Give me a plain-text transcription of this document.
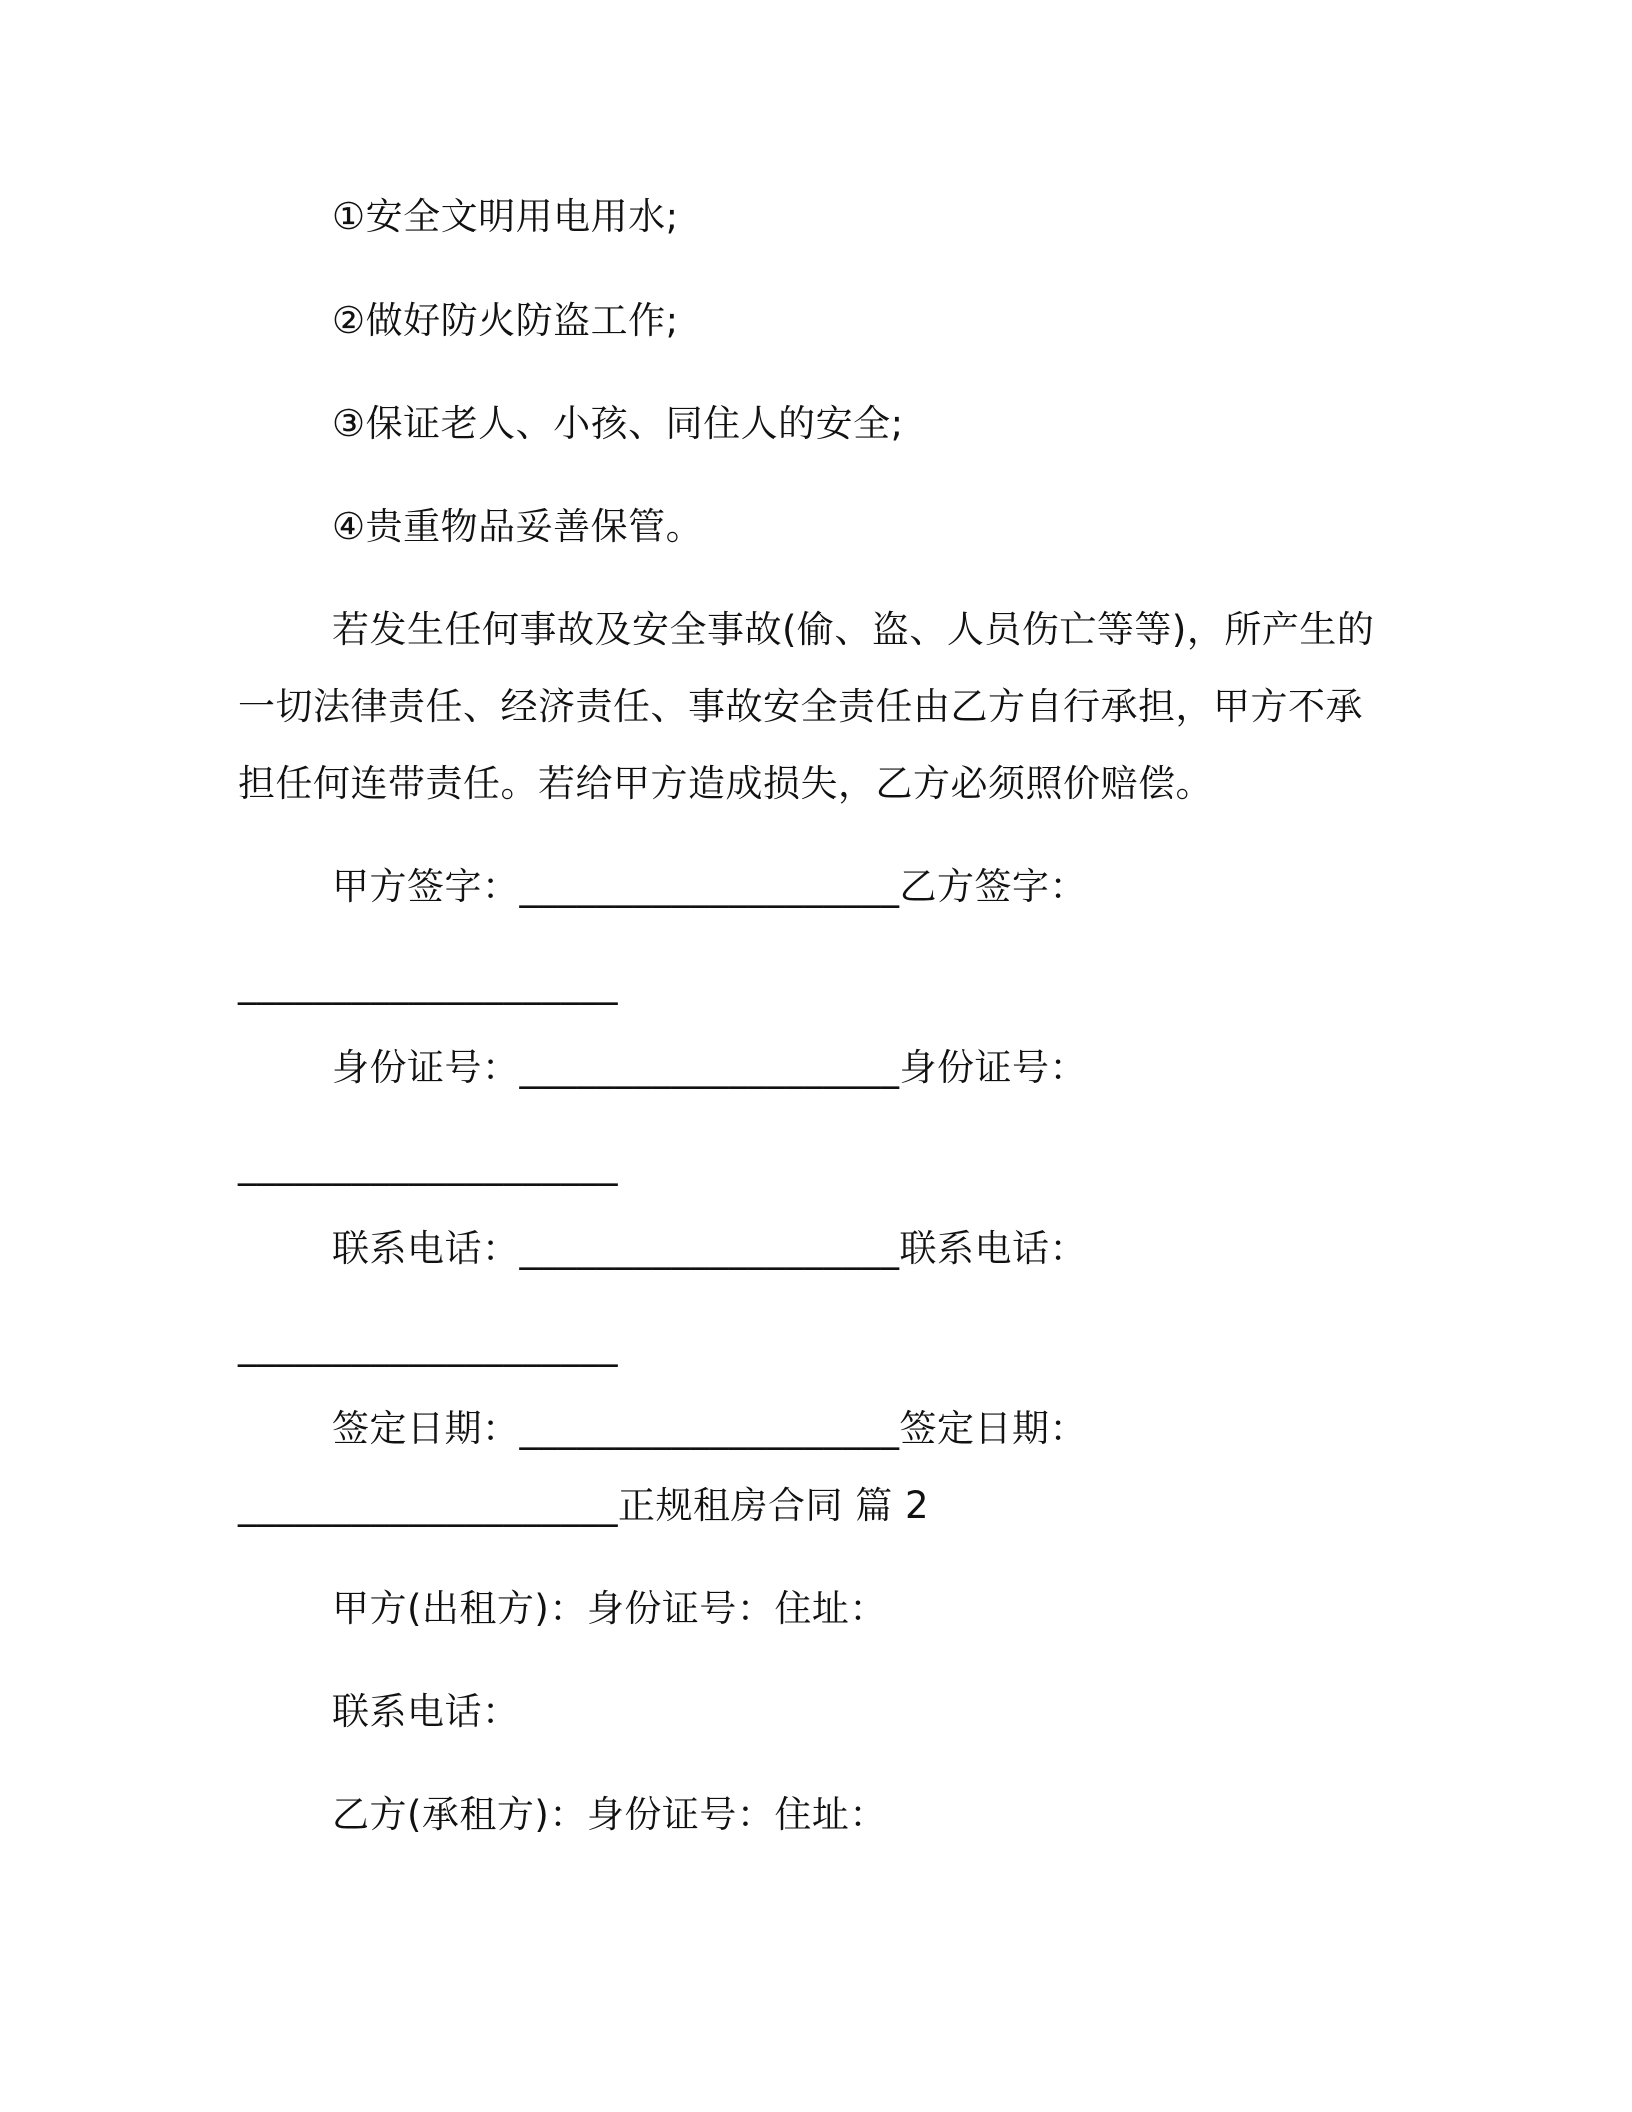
①安全文明用电用水;
②做好防火防盗工作;
③保证老人、小孩、同住人的安全;
④贵重物品妥善保管。
若发生任何事故及安全事故(偷、盗、人员伤亡等等)，所产生的
一切法律责任、经济责任、事故安全责任由乙方自行承担，甲方不承
担任何连带责任。若给甲方造成损失，乙方必须照价赔偿。
甲方签字：____________________乙方签字：
____________________
身份证号：____________________身份证号：
____________________
联系电话：____________________联系电话：
____________________
签定日期：____________________签定日期：
____________________正规租房合同 篇 2
甲方(出租方)：身份证号：住址：
联系电话：
乙方(承租方)：身份证号：住址：
